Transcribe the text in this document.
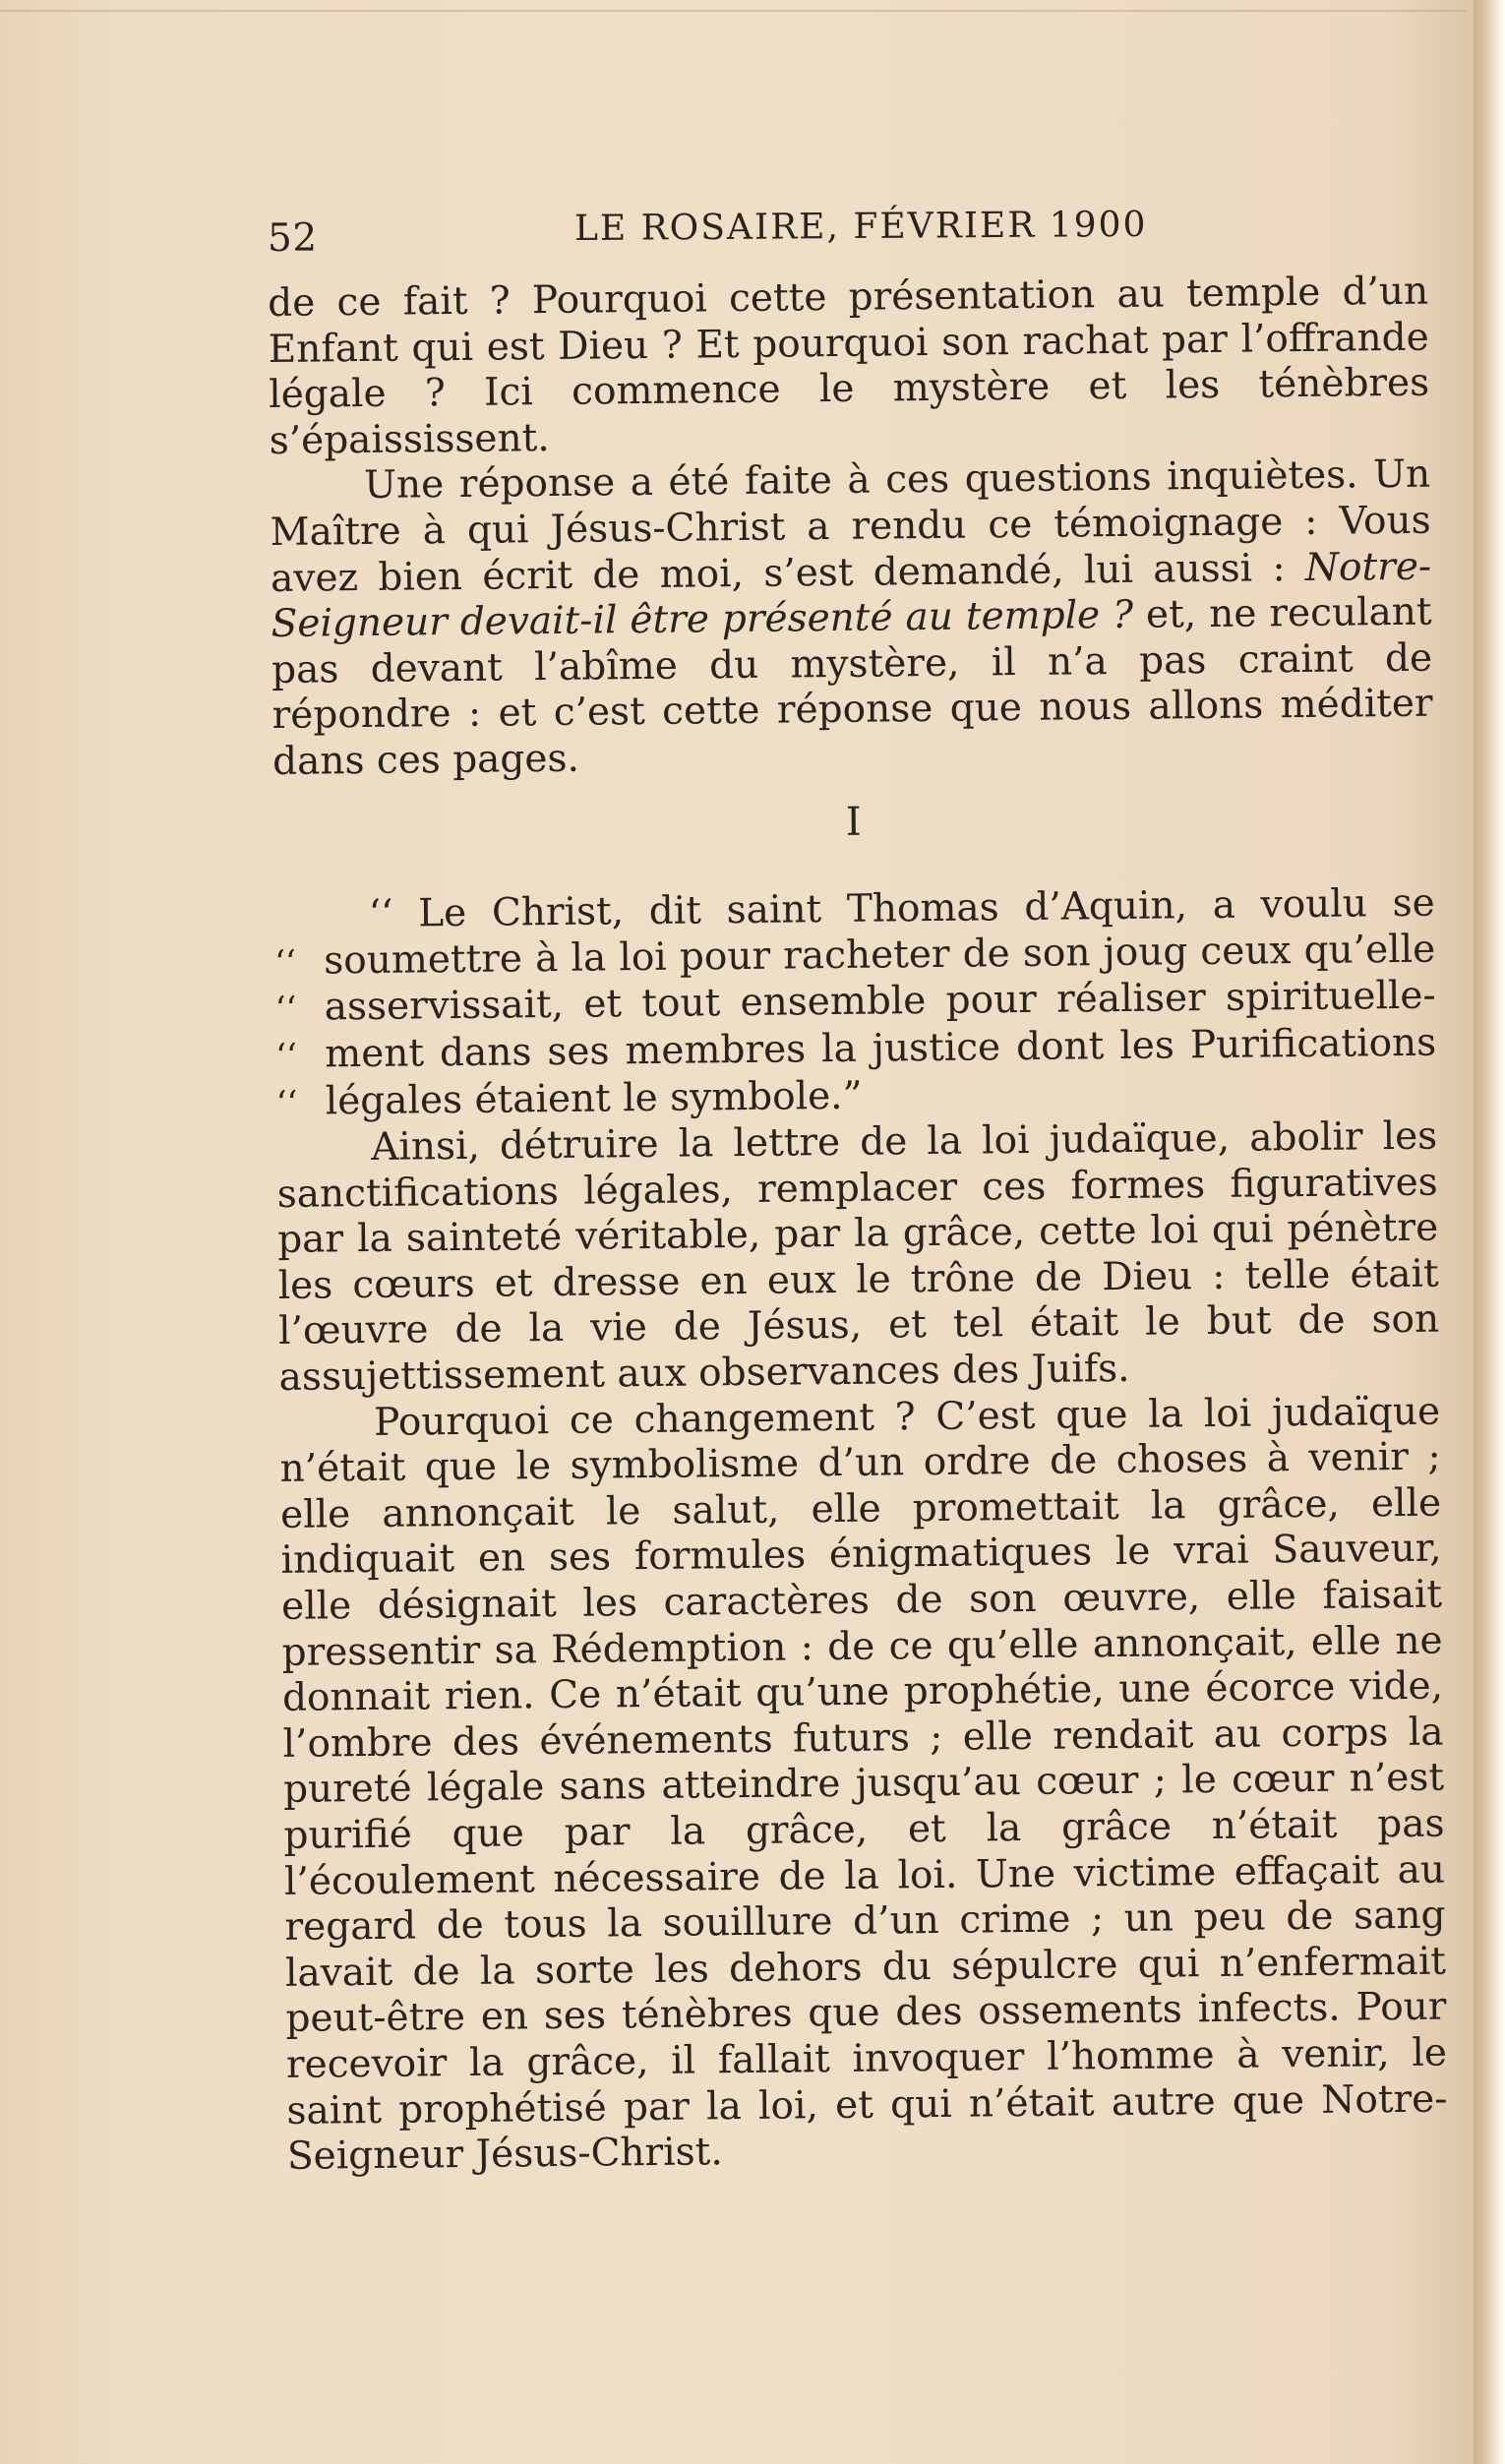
52	LE ROSAIRE, FÉVRIER 1900

de ce fait ? Pourquoi cette présentation au temple d’un Enfant qui est Dieu ? Et pourquoi son rachat par l’offrande légale ? Ici commence le mystère et les ténèbres s’épaississent.

Une réponse a été faite à ces questions inquiètes. Un Maître à qui Jésus-Christ a rendu ce témoignage : Vous avez bien écrit de moi, s’est demandé, lui aussi : Notre-Seigneur devait-il être présenté au temple ? et, ne reculant pas devant l’abîme du mystère, il n’a pas craint de répondre : et c’est cette réponse que nous allons méditer dans ces pages.

I

‘‘ Le Christ, dit saint Thomas d’Aquin, a voulu se

‘‘ soumettre à la loi pour racheter de son joug ceux qu’elle

‘‘ asservissait, et tout ensemble pour réaliser spirituelle-

‘‘ ment dans ses membres la justice dont les Purifications

‘‘ légales étaient le symbole.”

Ainsi, détruire la lettre de la loi judaïque, abolir les sanctifications légales, remplacer ces formes figuratives par la sainteté véritable, par la grâce, cette loi qui pénètre les cœurs et dresse en eux le trône de Dieu : telle était l’œuvre de la vie de Jésus, et tel était le but de son assujettissement aux observances des Juifs.

Pourquoi ce changement ? C’est que la loi judaïque n’était que le symbolisme d’un ordre de choses à venir ; elle annonçait le salut, elle promettait la grâce, elle indiquait en ses formules énigmatiques le vrai Sauveur, elle désignait les caractères de son œuvre, elle faisait pressentir sa Rédemption : de ce qu’elle annonçait, elle ne donnait rien. Ce n’était qu’une prophétie, une écorce vide, l’ombre des événements futurs ; elle rendait au corps la pureté légale sans atteindre jusqu’au cœur ; le cœur n’est purifié que par la grâce, et la grâce n’était pas l’écoulement nécessaire de la loi. Une victime effaçait au regard de tous la souillure d’un crime ; un peu de sang lavait de la sorte les dehors du sépulcre qui n’enfermait peut-être en ses ténèbres que des ossements infects. Pour recevoir la grâce, il fallait invoquer l’homme à venir, le saint prophétisé par la loi, et qui n’était autre que Notre-Seigneur Jésus-Christ.
